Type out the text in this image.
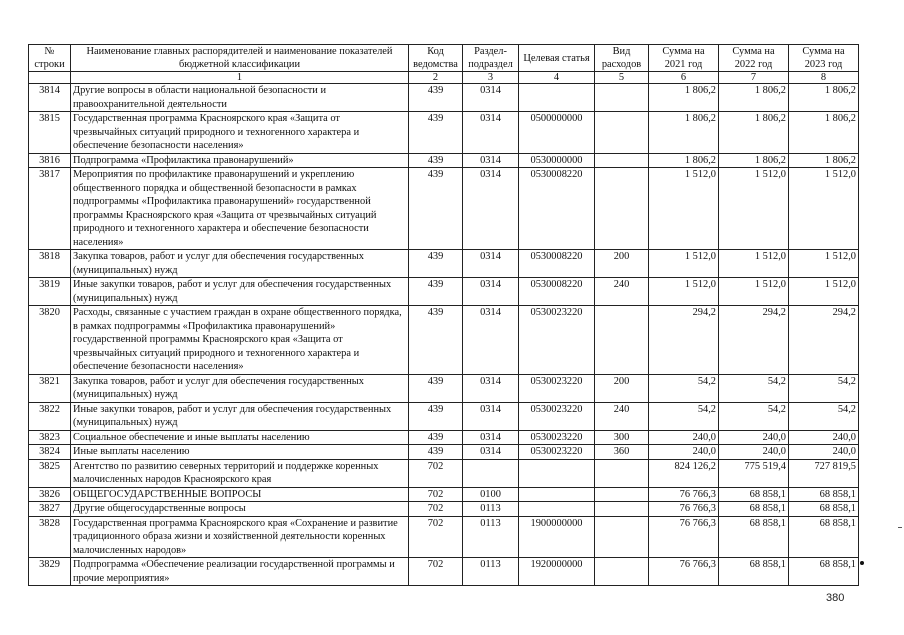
№ строки	Наименование главных распорядителей и наименование показателей бюджетной классификации	Код ведомства	Раздел-подраздел	Целевая статья	Вид расходов	Сумма на 2021 год	Сумма на 2022 год	Сумма на 2023 год
	1	2	3	4	5	6	7	8
3814	Другие вопросы в области национальной безопасности и правоохранительной деятельности	439	0314			1 806,2	1 806,2	1 806,2
3815	Государственная программа Красноярского края «Защита от чрезвычайных ситуаций природного и техногенного характера и обеспечение безопасности населения»	439	0314	0500000000		1 806,2	1 806,2	1 806,2
3816	Подпрограмма «Профилактика правонарушений»	439	0314	0530000000		1 806,2	1 806,2	1 806,2
3817	Мероприятия по профилактике правонарушений и укреплению общественного порядка и общественной безопасности в рамках подпрограммы «Профилактика правонарушений» государственной программы Красноярского края «Защита от чрезвычайных ситуаций природного и техногенного характера и обеспечение безопасности населения»	439	0314	0530008220		1 512,0	1 512,0	1 512,0
3818	Закупка товаров, работ и услуг для обеспечения государственных (муниципальных) нужд	439	0314	0530008220	200	1 512,0	1 512,0	1 512,0
3819	Иные закупки товаров, работ и услуг для обеспечения государственных (муниципальных) нужд	439	0314	0530008220	240	1 512,0	1 512,0	1 512,0
3820	Расходы, связанные с участием граждан в охране общественного порядка, в рамках подпрограммы «Профилактика правонарушений» государственной программы Красноярского края «Защита от чрезвычайных ситуаций природного и техногенного характера и обеспечение безопасности населения»	439	0314	0530023220		294,2	294,2	294,2
3821	Закупка товаров, работ и услуг для обеспечения государственных (муниципальных) нужд	439	0314	0530023220	200	54,2	54,2	54,2
3822	Иные закупки товаров, работ и услуг для обеспечения государственных (муниципальных) нужд	439	0314	0530023220	240	54,2	54,2	54,2
3823	Социальное обеспечение и иные выплаты населению	439	0314	0530023220	300	240,0	240,0	240,0
3824	Иные выплаты населению	439	0314	0530023220	360	240,0	240,0	240,0
3825	Агентство по развитию северных территорий и поддержке коренных малочисленных народов Красноярского края	702				824 126,2	775 519,4	727 819,5
3826	ОБЩЕГОСУДАРСТВЕННЫЕ ВОПРОСЫ	702	0100			76 766,3	68 858,1	68 858,1
3827	Другие общегосударственные вопросы	702	0113			76 766,3	68 858,1	68 858,1
3828	Государственная программа Красноярского края «Сохранение и развитие традиционного образа жизни и хозяйственной деятельности коренных малочисленных народов»	702	0113	1900000000		76 766,3	68 858,1	68 858,1
3829	Подпрограмма «Обеспечение реализации государственной программы и прочие мероприятия»	702	0113	1920000000		76 766,3	68 858,1	68 858,1
380
